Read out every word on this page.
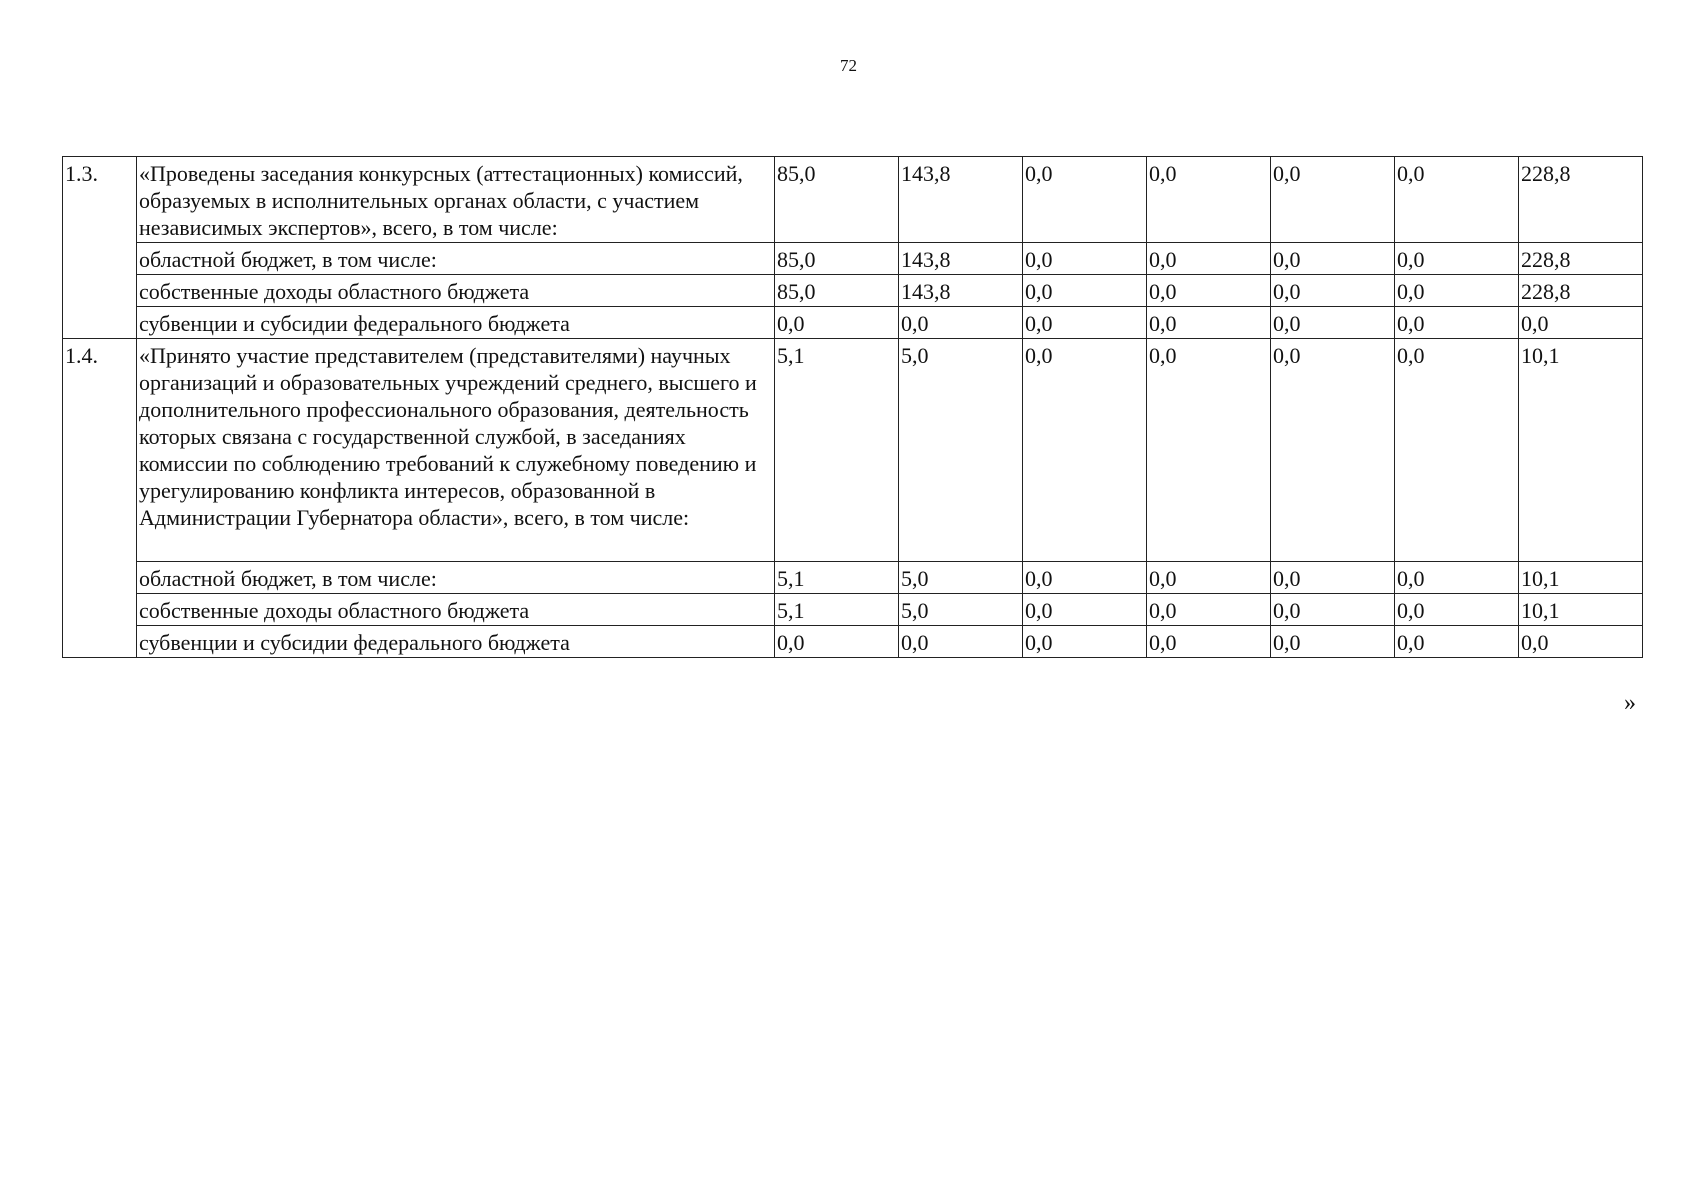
72
1.3.	«Проведены заседания конкурсных (аттестационных) комиссий, образуемых в исполнительных органах области, с участием независимых экспертов», всего, в том числе:	85,0	143,8	0,0	0,0	0,0	0,0	228,8
	областной бюджет, в том числе:	85,0	143,8	0,0	0,0	0,0	0,0	228,8
	собственные доходы областного бюджета	85,0	143,8	0,0	0,0	0,0	0,0	228,8
	субвенции и субсидии федерального бюджета	0,0	0,0	0,0	0,0	0,0	0,0	0,0
1.4.	«Принято участие представителем (представителями) научных организаций и образовательных учреждений среднего, высшего и дополнительного профессионального образования, деятельность которых связана с государственной службой, в заседаниях комиссии по соблюдению требований к служебному поведению и урегулированию конфликта интересов, образованной в Администрации Губернатора области», всего, в том числе:	5,1	5,0	0,0	0,0	0,0	0,0	10,1
	областной бюджет, в том числе:	5,1	5,0	0,0	0,0	0,0	0,0	10,1
	собственные доходы областного бюджета	5,1	5,0	0,0	0,0	0,0	0,0	10,1
	субвенции и субсидии федерального бюджета	0,0	0,0	0,0	0,0	0,0	0,0	0,0
»
